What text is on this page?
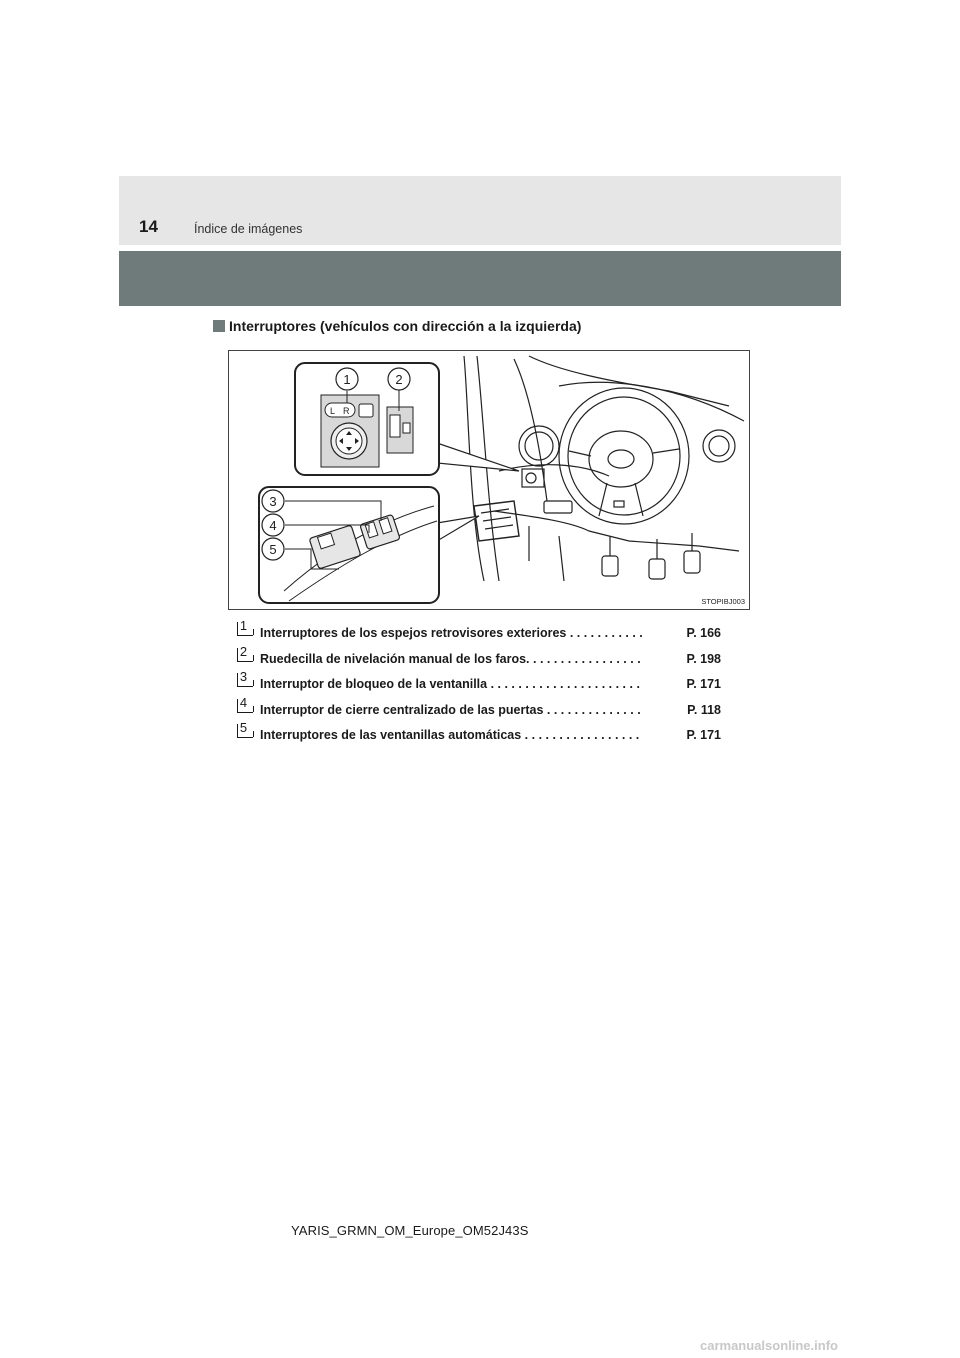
14	Índice de imágenes
Interruptores (vehículos con dirección a la izquierda)
L R
1	2
3
4
5
STOPIBJ003
1 Interruptores de los espejos retrovisores exteriores . . . . . . . . . . .	P. 166
2 Ruedecilla de nivelación manual de los faros. . . . . . . . . . . . . . . . .	P. 198
3 Interruptor de bloqueo de la ventanilla . . . . . . . . . . . . . . . . . . . . . .	P. 171
4 Interruptor de cierre centralizado de las puertas . . . . . . . . . . . . . .	P. 118
5 Interruptores de las ventanillas automáticas . . . . . . . . . . . . . . . . .	P. 171
YARIS_GRMN_OM_Europe_OM52J43S
carmanualsonline.info
